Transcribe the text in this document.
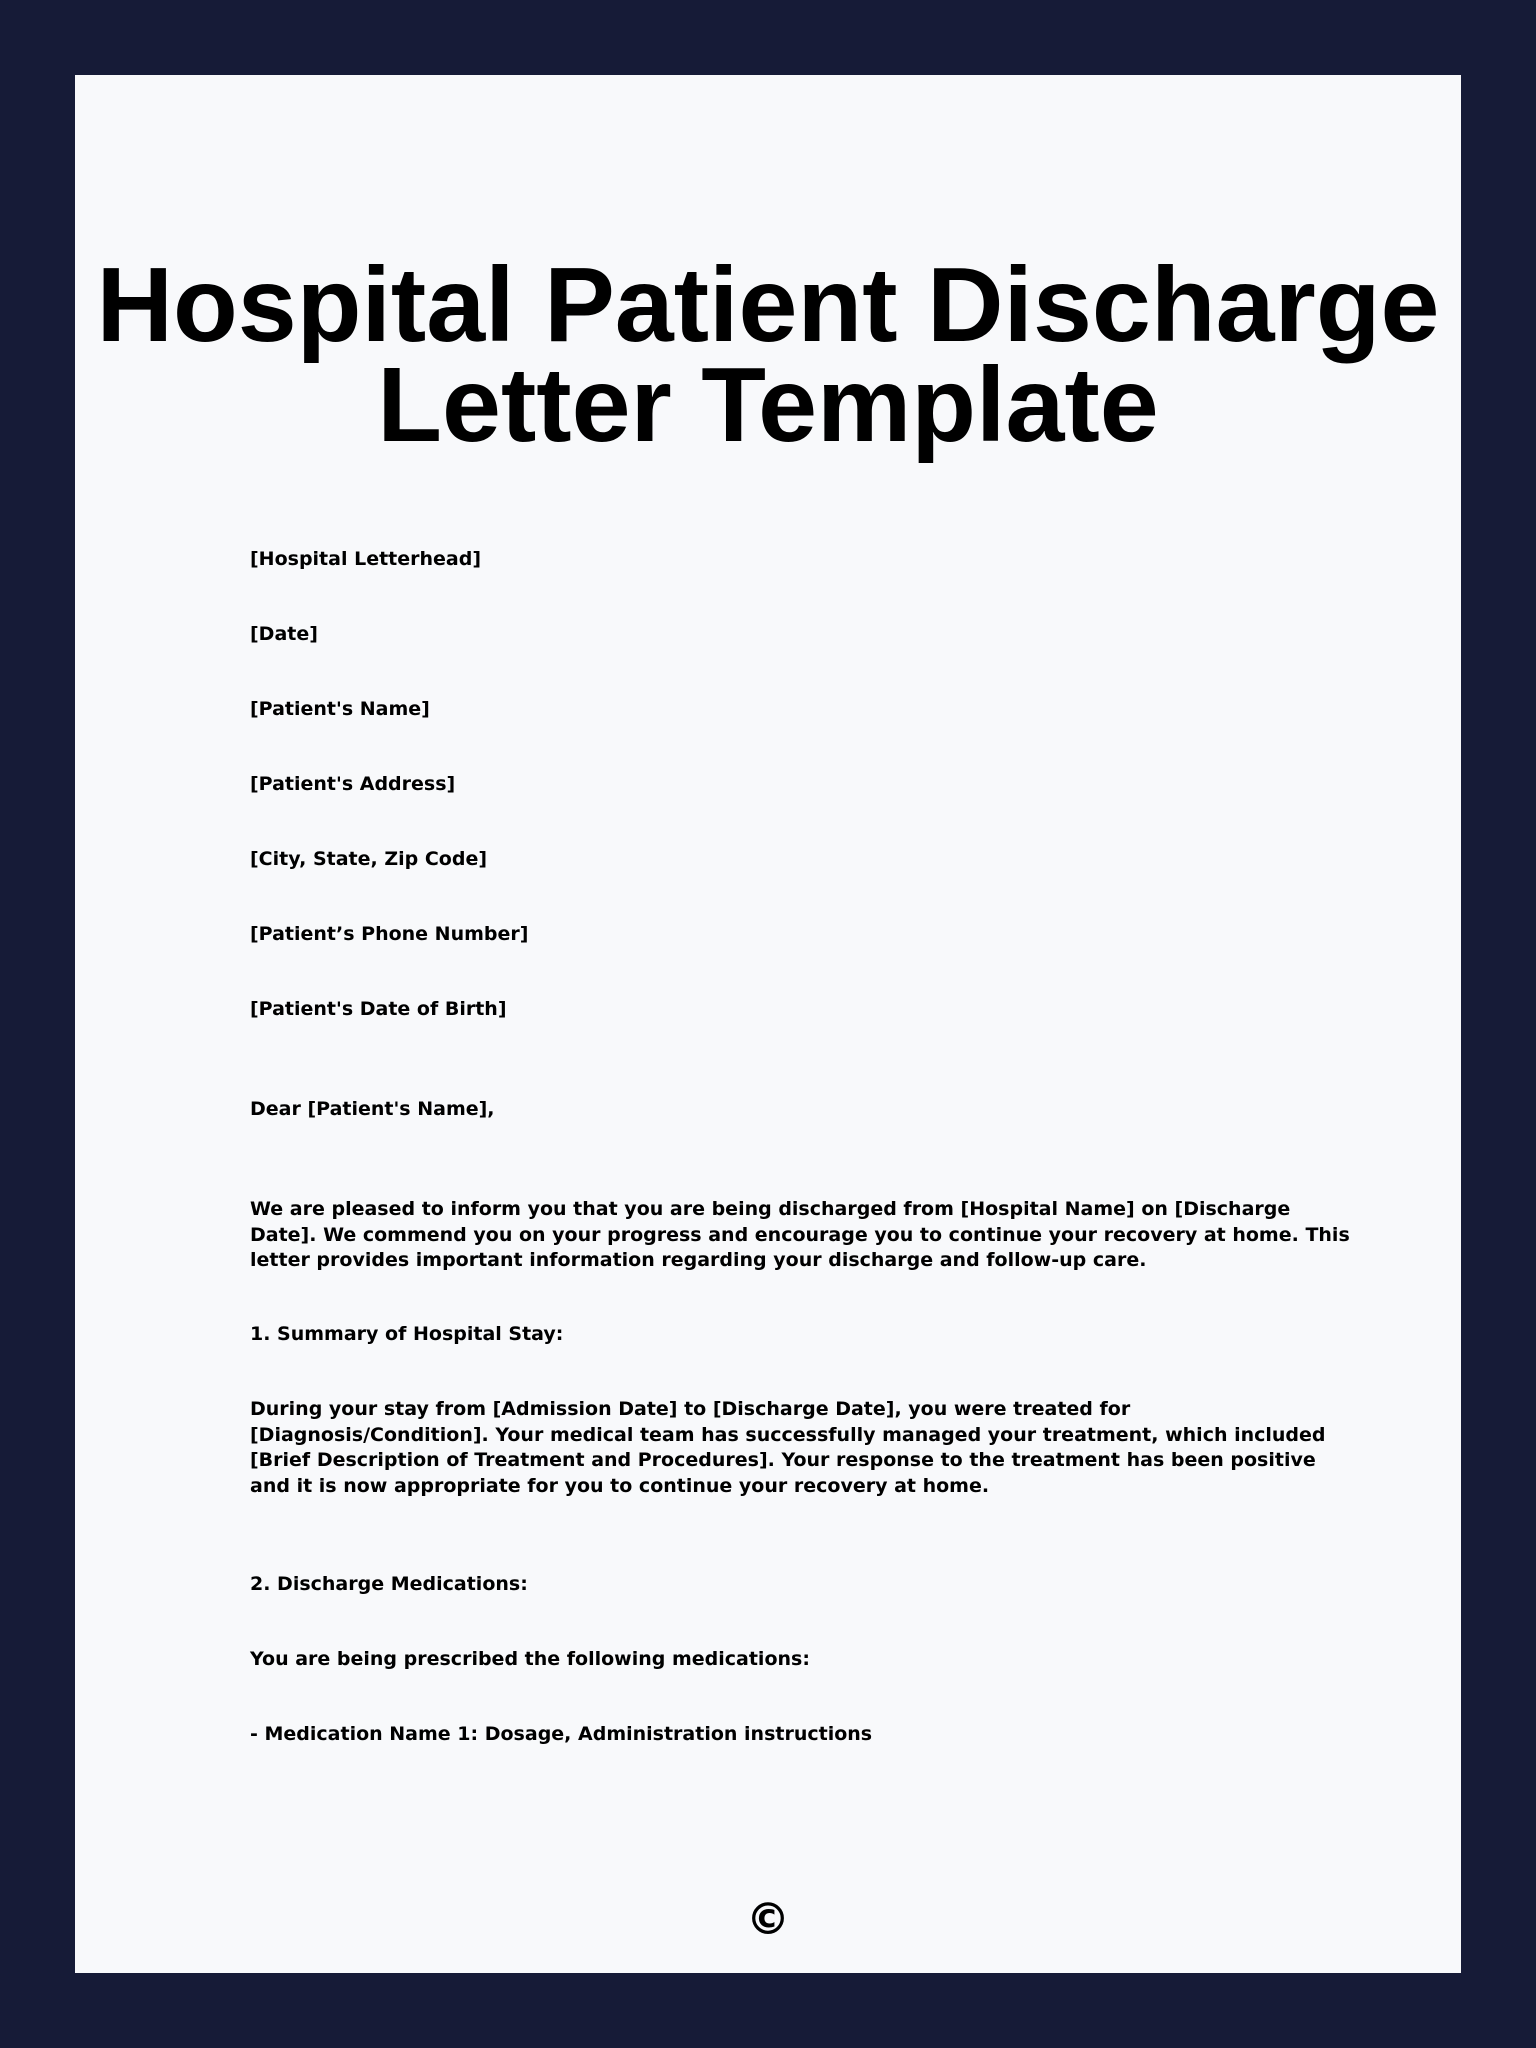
Hospital Patient Discharge
Letter Template

[Hospital Letterhead]

[Date]

[Patient's Name]

[Patient's Address]

[City, State, Zip Code]

[Patient’s Phone Number]

[Patient's Date of Birth]

Dear [Patient's Name],

We are pleased to inform you that you are being discharged from [Hospital Name] on [Discharge Date]. We commend you on your progress and encourage you to continue your recovery at home. This letter provides important information regarding your discharge and follow-up care.

1. Summary of Hospital Stay:

During your stay from [Admission Date] to [Discharge Date], you were treated for [Diagnosis/Condition]. Your medical team has successfully managed your treatment, which included [Brief Description of Treatment and Procedures]. Your response to the treatment has been positive and it is now appropriate for you to continue your recovery at home.

2. Discharge Medications:

You are being prescribed the following medications:

- Medication Name 1: Dosage, Administration instructions

©
